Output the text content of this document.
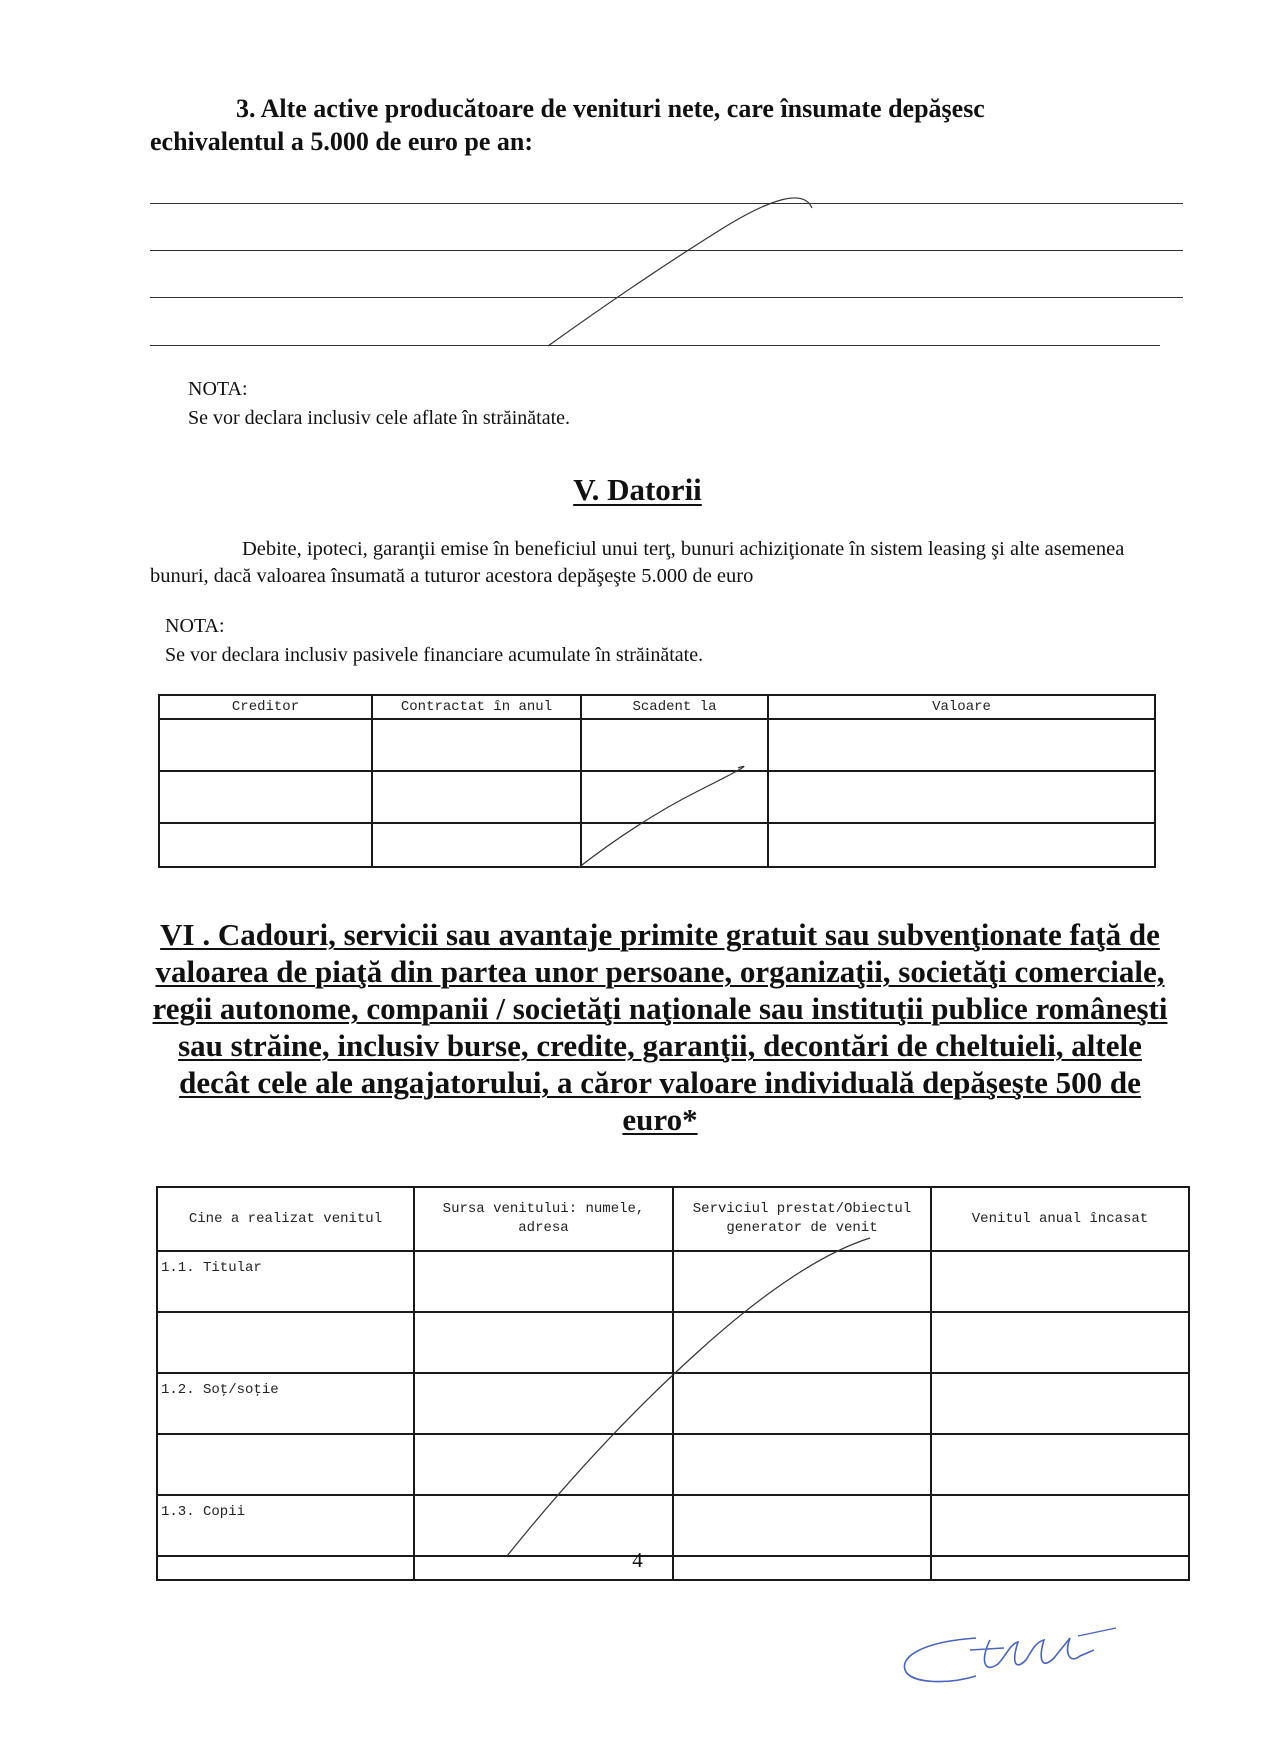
3. Alte active producătoare de venituri nete, care însumate depăşesc echivalentul a 5.000 de euro pe an:

NOTA:
Se vor declara inclusiv cele aflate în străinătate.
V. Datorii

Debite, ipoteci, garanţii emise în beneficiul unui terţ, bunuri achiziţionate în sistem leasing şi alte asemenea bunuri, dacă valoarea însumată a tuturor acestora depăşeşte 5.000 de euro

NOTA:
Se vor declara inclusiv pasivele financiare acumulate în străinătate.
Creditor	Contractat în anul	Scadent la	Valoare

VI . Cadouri, servicii sau avantaje primite gratuit sau subvenţionate faţă de valoarea de piaţă din partea unor persoane, organizaţii, societăţi comerciale, regii autonome, companii / societăţi naţionale sau instituţii publice româneşti sau străine, inclusiv burse, credite, garanţii, decontări de cheltuieli, altele decât cele ale angajatorului, a căror valoare individuală depăşeşte 500 de euro*
Cine a realizat venitul	Sursa venitului: numele, adresa	Serviciul prestat/Obiectul generator de venit	Venitul anual încasat
1.1. Titular			

1.2. Soţ/soţie			

1.3. Copii			

4
